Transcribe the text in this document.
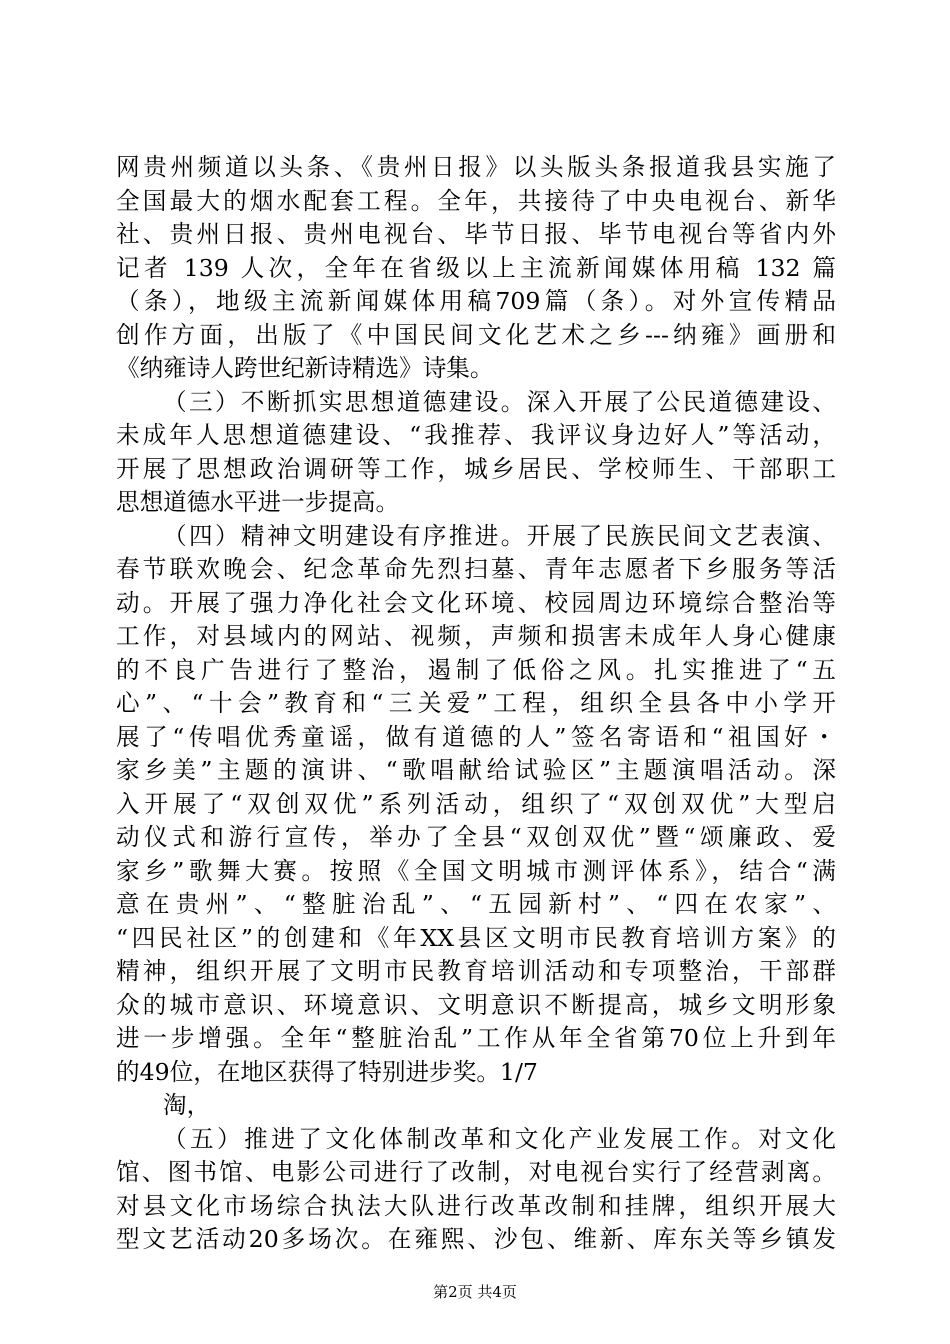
网贵州频道以头条、《贵州日报》以头版头条报道我县实施了
全国最大的烟水配套工程。全年，共接待了中央电视台、新华
社、贵州日报、贵州电视台、毕节日报、毕节电视台等省内外
记者 139 人次，全年在省级以上主流新闻媒体用稿 132 篇
（条），地级主流新闻媒体用稿709篇（条）。对外宣传精品
创作方面，出版了《中国民间文化艺术之乡---纳雍》画册和
《纳雍诗人跨世纪新诗精选》诗集。
（三）不断抓实思想道德建设。深入开展了公民道德建设、
未成年人思想道德建设、“我推荐、我评议身边好人”等活动，
开展了思想政治调研等工作，城乡居民、学校师生、干部职工
思想道德水平进一步提高。
（四）精神文明建设有序推进。开展了民族民间文艺表演、
春节联欢晚会、纪念革命先烈扫墓、青年志愿者下乡服务等活
动。开展了强力净化社会文化环境、校园周边环境综合整治等
工作，对县域内的网站、视频，声频和损害未成年人身心健康
的不良广告进行了整治，遏制了低俗之风。扎实推进了“五
心”、“十会”教育和“三关爱”工程，组织全县各中小学开
展了“传唱优秀童谣，做有道德的人”签名寄语和“祖国好・
家乡美”主题的演讲、“歌唱献给试验区”主题演唱活动。深
入开展了“双创双优”系列活动，组织了“双创双优”大型启
动仪式和游行宣传，举办了全县“双创双优”暨“颂廉政、爱
家乡”歌舞大赛。按照《全国文明城市测评体系》，结合“满
意在贵州”、“整脏治乱”、“五园新村”、“四在农家”、
“四民社区”的创建和《年XX县区文明市民教育培训方案》的
精神，组织开展了文明市民教育培训活动和专项整治，干部群
众的城市意识、环境意识、文明意识不断提高，城乡文明形象
进一步增强。全年“整脏治乱”工作从年全省第70位上升到年
的49位，在地区获得了特别进步奖。1/7
淘，
（五）推进了文化体制改革和文化产业发展工作。对文化
馆、图书馆、电影公司进行了改制，对电视台实行了经营剥离。
对县文化市场综合执法大队进行改革改制和挂牌，组织开展大
型文艺活动20多场次。在雍熙、沙包、维新、库东关等乡镇发
第2页 共4页
